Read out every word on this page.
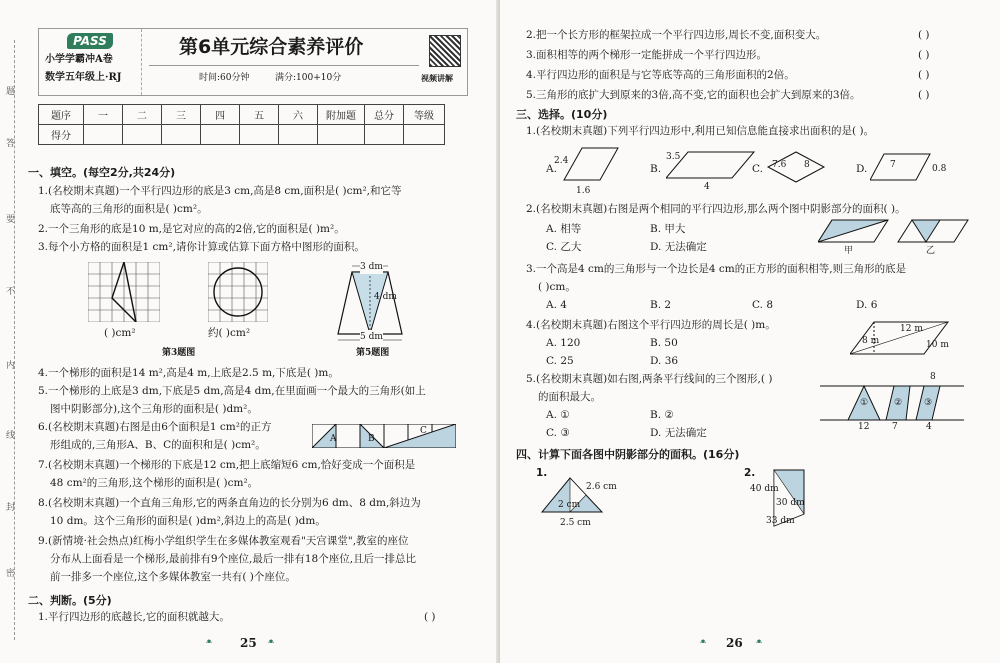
题
答
要
不
内
线
封
密
PASS
小学学霸冲A卷
数学五年级上·RJ
第6单元综合素养评价
时间:60分钟	满分:100+10分	视频讲解
题序	一	二	三	四	五	六	附加题	总分	等级
得分									
一、填空。(每空2分,共24分)
1.(名校期末真题)一个平行四边形的底是3 cm,高是8 cm,面积是( )cm²,和它等
底等高的三角形的面积是( )cm²。
2.一个三角形的底是10 m,是它对应的高的2倍,它的面积是( )m²。
3.每个小方格的面积是1 cm²,请你计算或估算下面方格中图形的面积。
( )cm²	约( )cm²
第3题图
3 dm
4 dm
5 dm
第5题图
4.一个梯形的面积是14 m²,高是4 m,上底是2.5 m,下底是( )m。
5.一个梯形的上底是3 dm,下底是5 dm,高是4 dm,在里面画一个最大的三角形(如上
图中阴影部分),这个三角形的面积是( )dm²。
6.(名校期末真题)右图是由6个面积是1 cm²的正方
形组成的,三角形A、B、C的面积和是( )cm²。	A	B
C
7.(名校期末真题)一个梯形的下底是12 cm,把上底缩短6 cm,恰好变成一个面积是
48 cm²的三角形,这个梯形的面积是( )cm²。
8.(名校期末真题)一个直角三角形,它的两条直角边的长分别为6 dm、8 dm,斜边为
10 dm。这个三角形的面积是( )dm²,斜边上的高是( )dm。
9.(新情境·社会热点)红梅小学组织学生在多媒体教室观看"天宫课堂",教室的座位
分布从上面看是一个梯形,最前排有9个座位,最后一排有18个座位,且后一排总比
前一排多一个座位,这个多媒体教室一共有( )个座位。
二、判断。(5分)
1.平行四边形的底越长,它的面积就越大。	( )
ᵜ 25 ᵜ
2.把一个长方形的框架拉成一个平行四边形,周长不变,面积变大。	( )
3.面积相等的两个梯形一定能拼成一个平行四边形。	( )
4.平行四边形的面积是与它等底等高的三角形面积的2倍。	( )
5.三角形的底扩大到原来的3倍,高不变,它的面积也会扩大到原来的3倍。	( )
三、选择。(10分)
1.(名校期末真题)下列平行四边形中,利用已知信息能直接求出面积的是( )。
A.
2.4
1.6
B.
3.5
4
C. 7.6 8	D.	7	0.8
2.(名校期末真题)右图是两个相同的平行四边形,那么两个图中阴影部分的面积( )。
A. 相等	B. 甲大
C. 乙大	D. 无法确定	甲	乙
3.一个高是4 cm的三角形与一个边长是4 cm的正方形的面积相等,则三角形的底是
( )cm。
A. 4	B. 2	C. 8	D. 6
4.(名校期末真题)右图这个平行四边形的周长是( )m。
A. 120	B. 50
C. 25	D. 36
12 m
8 m	10 m
5.(名校期末真题)如右图,两条平行线间的三个图形,( )
的面积最大。
A. ①	B. ②
C. ③	D. 无法确定
8
①	② ③
12	7	4
四、计算下面各图中阴影部分的面积。(16分)
1.
2.6 cm
2 cm
2.5 cm
2.
40 dm
30 dm
33 dm
ᵜ 26 ᵜ
